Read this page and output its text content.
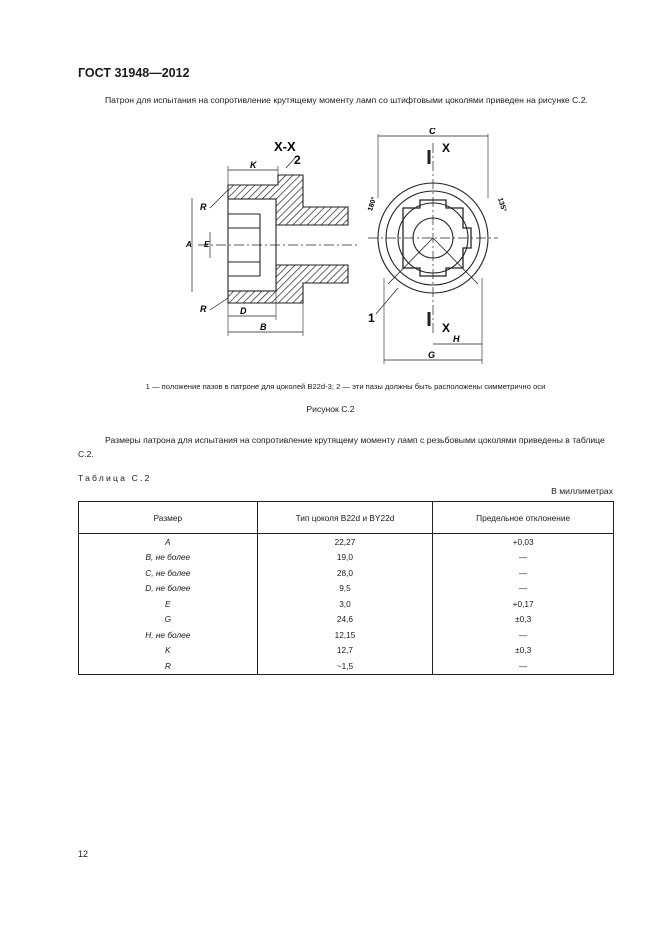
ГОСТ 31948—2012
Патрон для испытания на сопротивление крутящему моменту ламп со штифтовыми цоколями приведен на рисунке С.2.
X-X
2
K
R
R
A E
D
B
C
X
X
180°	135°
1
H
G
1 — положение пазов в патроне для цоколей B22d-3; 2 — эти пазы должны быть расположены симметрично оси
Рисунок С.2
Размеры патрона для испытания на сопротивление крутящему моменту ламп с резьбовыми цоколями приведены в таблице С.2.
Таблица С.2
В миллиметрах
Размер	Тип цоколя B22d и BY22d	Предельное отклонение
A	22,27	+0,03
B, не более	19,0	—
C, не более	28,0	—
D, не более	9,5	—
E	3,0	+0,17
G	24,6	±0,3
H, не более	12,15	—
K	12,7	±0,3
R	~1,5	—
12
